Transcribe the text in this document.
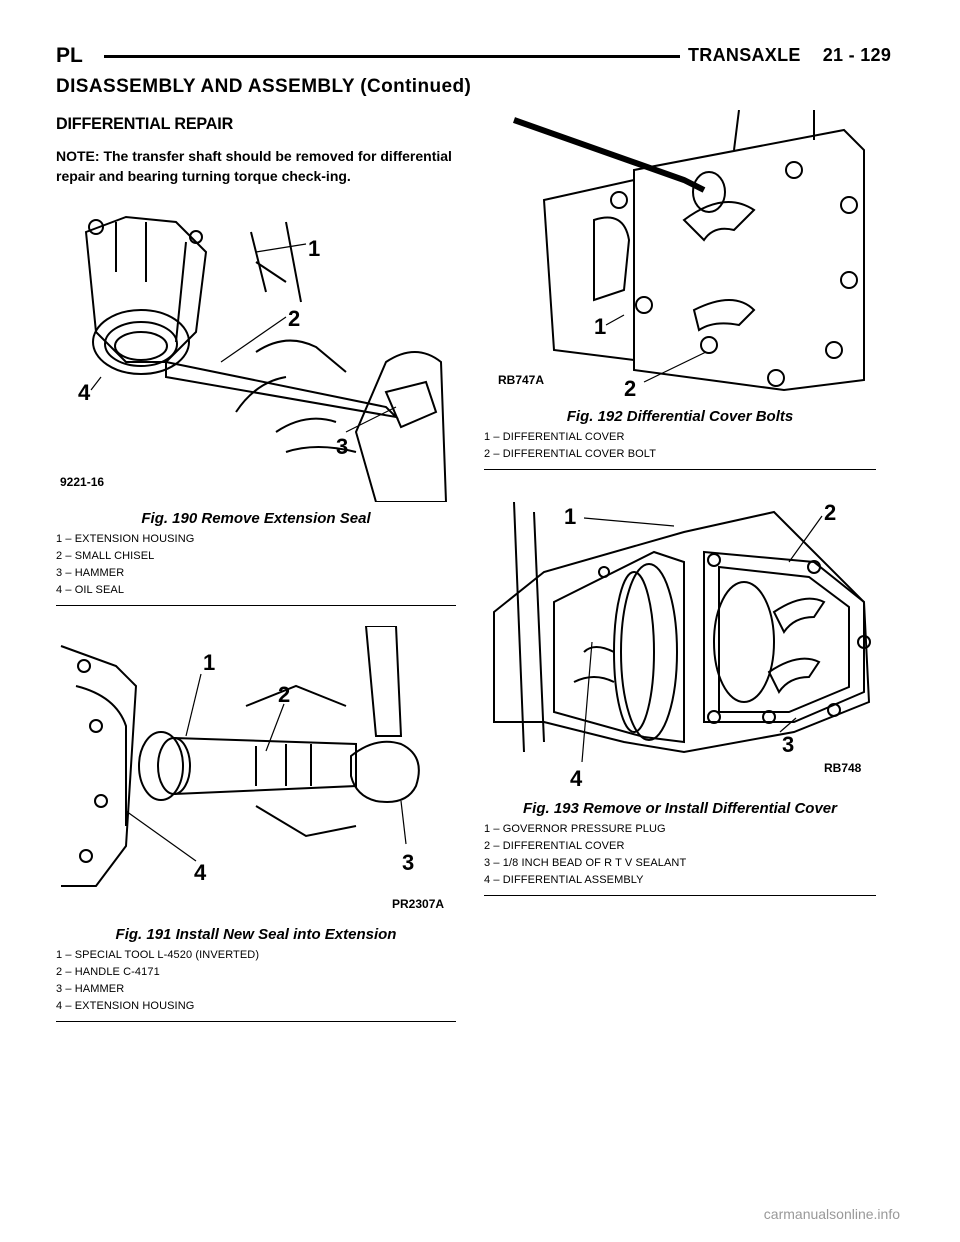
PL	TRANSAXLE 21 - 129
DISASSEMBLY AND ASSEMBLY (Continued)
DIFFERENTIAL REPAIR
NOTE: The transfer shaft should be removed for differential repair and bearing turning torque check-ing.
1
2
3
4
9221-16
Fig. 190 Remove Extension Seal
1 – EXTENSION HOUSING
2 – SMALL CHISEL
3 – HAMMER
4 – OIL SEAL
1
2
3
4
PR2307A
Fig. 191 Install New Seal into Extension
1 – SPECIAL TOOL L-4520 (INVERTED)
2 – HANDLE C-4171
3 – HAMMER
4 – EXTENSION HOUSING
1
2
RB747A
Fig. 192 Differential Cover Bolts
1 – DIFFERENTIAL COVER
2 – DIFFERENTIAL COVER BOLT
1	2
3
4	RB748
Fig. 193 Remove or Install Differential Cover
1 – GOVERNOR PRESSURE PLUG
2 – DIFFERENTIAL COVER
3 – 1/8 INCH BEAD OF R T V SEALANT
4 – DIFFERENTIAL ASSEMBLY
carmanualsonline.info
